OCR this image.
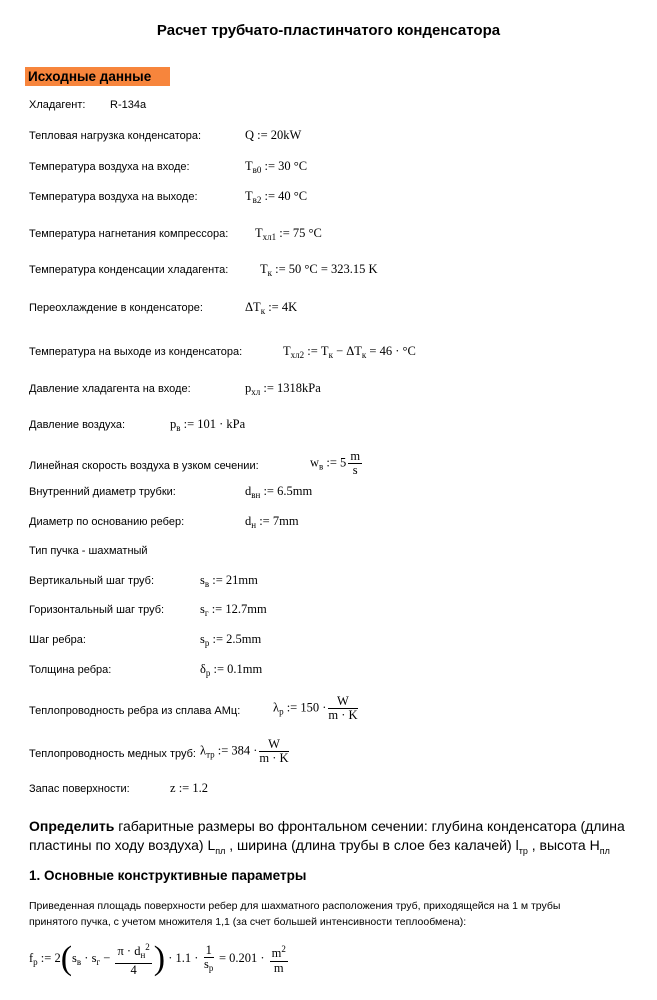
Расчет трубчато-пластинчатого конденсатора
Исходные данные
Хладагент: R-134a
Тепловая нагрузка конденсатора:	Q := 20kW
Температура воздуха на входе:	$T_{в0}$ := 30 °C
Температура воздуха на выходе:	$T_{в2}$ := 40 °C
Температура нагнетания компрессора: $T_{хл1}$ := 75 °C
Температура конденсации хладагента:	$T_к$ := 50 °C = 323.15 K
Переохлаждение в конденсаторе:	$\Delta T_к$ := 4K
Температура на выходе из конденсатора:	$T_{хл2}$ := $T_к - \Delta T_к = 46 \cdot ^\circ C$
Давление хладагента на входе:	$p_{хл}$ := 1318kPa
Давление воздуха:	$p_в$ := 101 · kPa
Линейная скорость воздуха в узком сечении:	$w_в$ := $5 \frac{m}{s}$
Внутренний диаметр трубки:	$d_{вн}$ := 6.5mm
Диаметр по основанию ребер:	$d_н$ := 7mm
Тип пучка - шахматный
Вертикальный шаг труб:	$s_в$ := 21mm
Горизонтальный шаг труб:	$s_г$ := 12.7mm
Шаг ребра:	$s_р$ := 2.5mm
Толщина ребра:	$\delta_р$ := 0.1mm
Теплопроводность ребра из сплава АМц:	$\lambda_р$ := $150 \cdot \frac{W}{m \cdot K}$
Теплопроводность медных труб: $\lambda_{тр}$ := $384 \cdot \frac{W}{m \cdot K}$
Запас поверхности:	z := 1.2
Определить габаритные размеры во фронтальном сечении: глубина конденсатора (длина
пластины по ходу воздуха) $L_{пл}$ , ширина (длина трубы в слое без калачей) $l_{тр}$ , высота $H_{пл}$
1. Основные конструктивные параметры
Приведенная площадь поверхности ребер для шахматного расположения труб, приходящейся на 1 м трубы
принятого пучка, с учетом множителя 1,1 (за счет большей интенсивности теплообмена):
$f_р$ := $2(s_в \cdot s_г - \frac{\pi \cdot d_н^2}{4}$ ) · $1.1 \cdot \frac{1}{s_р} = 0.201 \cdot \frac{m^2}{m}$
